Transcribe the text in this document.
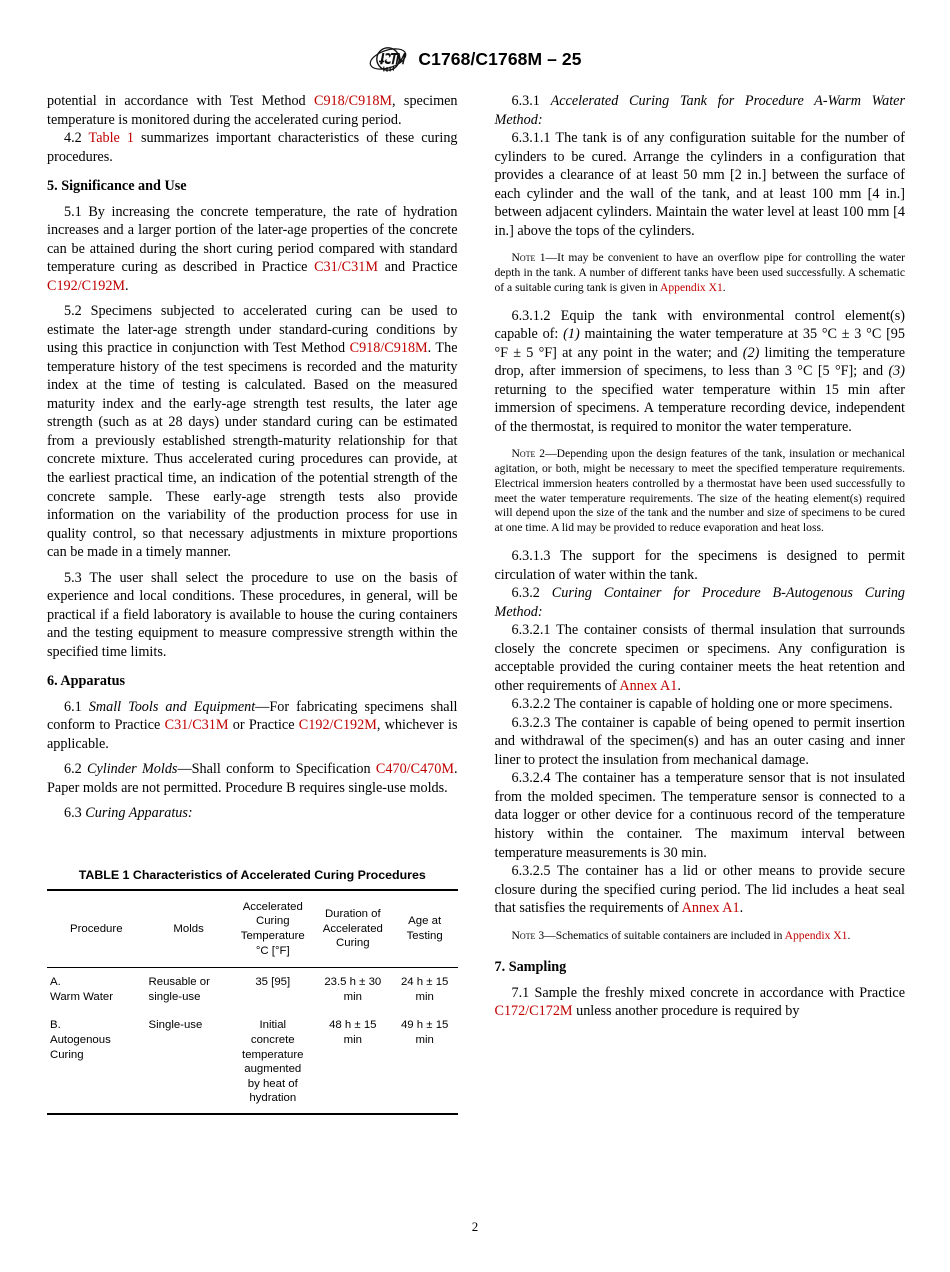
C1768/C1768M – 25

potential in accordance with Test Method C918/C918M, specimen temperature is monitored during the accelerated curing period.

4.2 Table 1 summarizes important characteristics of these curing procedures.

5. Significance and Use

5.1 By increasing the concrete temperature, the rate of hydration increases and a larger portion of the later-age properties of the concrete can be attained during the short curing period compared with standard temperature curing as described in Practice C31/C31M and Practice C192/C192M.

5.2 Specimens subjected to accelerated curing can be used to estimate the later-age strength under standard-curing conditions by using this practice in conjunction with Test Method C918/C918M. The temperature history of the test specimens is recorded and the maturity index at the time of testing is calculated. Based on the measured maturity index and the early-age strength test results, the later age strength (such as at 28 days) under standard curing can be estimated from a previously established strength-maturity relationship for that concrete mixture. Thus accelerated curing procedures can provide, at the earliest practical time, an indication of the potential strength of the concrete sample. These early-age strength tests also provide information on the variability of the production process for use in quality control, so that necessary adjustments in mixture proportions can be made in a timely manner.

5.3 The user shall select the procedure to use on the basis of experience and local conditions. These procedures, in general, will be practical if a field laboratory is available to house the curing containers and the testing equipment to measure compressive strength within the specified time limits.

6. Apparatus

6.1 Small Tools and Equipment—For fabricating specimens shall conform to Practice C31/C31M or Practice C192/C192M, whichever is applicable.

6.2 Cylinder Molds—Shall conform to Specification C470/C470M. Paper molds are not permitted. Procedure B requires single-use molds.

6.3 Curing Apparatus:

TABLE 1 Characteristics of Accelerated Curing Procedures
Procedure	Molds	Accelerated
Curing
Temperature
°C [°F]	Duration of
Accelerated
Curing	Age at
Testing
A.
Warm Water	Reusable or
single-use	35 [95]	23.5 h ± 30
min	24 h ± 15
min
B.
Autogenous
Curing	Single-use	Initial
concrete
temperature
augmented
by heat of
hydration	48 h ± 15
min	49 h ± 15
min

6.3.1 Accelerated Curing Tank for Procedure A-Warm Water Method:

6.3.1.1 The tank is of any configuration suitable for the number of cylinders to be cured. Arrange the cylinders in a configuration that provides a clearance of at least 50 mm [2 in.] between the surface of each cylinder and the wall of the tank, and at least 100 mm [4 in.] between adjacent cylinders. Maintain the water level at least 100 mm [4 in.] above the tops of the cylinders.

Note 1—It may be convenient to have an overflow pipe for controlling the water depth in the tank. A number of different tanks have been used successfully. A schematic of a suitable curing tank is given in Appendix X1.

6.3.1.2 Equip the tank with environmental control element(s) capable of: (1) maintaining the water temperature at 35 °C ± 3 °C [95 °F ± 5 °F] at any point in the water; and (2) limiting the temperature drop, after immersion of specimens, to less than 3 °C [5 °F]; and (3) returning to the specified water temperature within 15 min after immersion of specimens. A temperature recording device, independent of the thermostat, is required to monitor the water temperature.

Note 2—Depending upon the design features of the tank, insulation or mechanical agitation, or both, might be necessary to meet the specified temperature requirements. Electrical immersion heaters controlled by a thermostat have been used successfully to meet the water temperature requirements. The size of the heating element(s) required will depend upon the size of the tank and the number and size of specimens to be cured at one time. A lid may be provided to reduce evaporation and heat loss.

6.3.1.3 The support for the specimens is designed to permit circulation of water within the tank.

6.3.2 Curing Container for Procedure B-Autogenous Curing Method:

6.3.2.1 The container consists of thermal insulation that surrounds closely the concrete specimen or specimens. Any configuration is acceptable provided the curing container meets the heat retention and other requirements of Annex A1.

6.3.2.2 The container is capable of holding one or more specimens.

6.3.2.3 The container is capable of being opened to permit insertion and withdrawal of the specimen(s) and has an outer casing and inner liner to protect the insulation from mechanical damage.

6.3.2.4 The container has a temperature sensor that is not insulated from the molded specimen. The temperature sensor is connected to a data logger or other device for a continuous record of the temperature history within the container. The maximum interval between temperature measurements is 30 min.

6.3.2.5 The container has a lid or other means to provide secure closure during the specified curing period. The lid includes a heat seal that satisfies the requirements of Annex A1.

Note 3—Schematics of suitable containers are included in Appendix X1.

7. Sampling

7.1 Sample the freshly mixed concrete in accordance with Practice C172/C172M unless another procedure is required by

2
